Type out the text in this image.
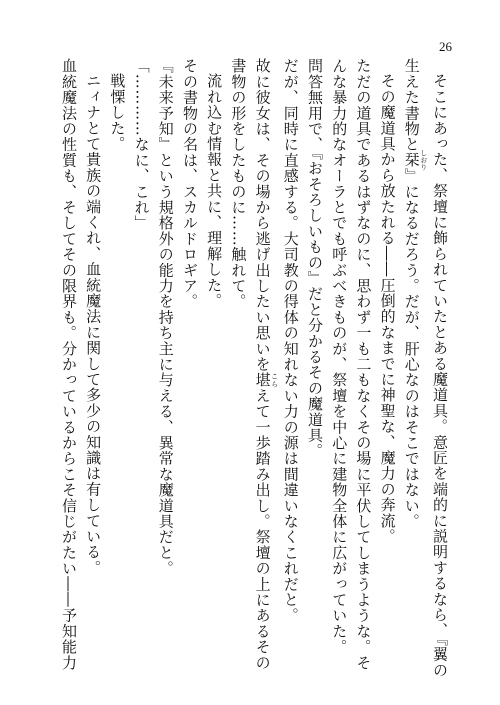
26
そこにあった、祭壇に飾られていたとある魔道具。意匠を端的に説明するなら、『翼の
生えた書物と栞 しおり』になるだろう。だが、肝心なのはそこではない。
その魔道具から放たれる――圧倒的なまでに神聖な、魔力の奔流。
ただの道具であるはずなのに、思わず一も二もなくその場に平伏してしまうような。そ
んな暴力的なオーラとでも呼ぶべきものが、祭壇を中心に建物全体に広がっていた。
問答無用で、『おそろしいもの』だと分かるその魔道具。
だが、同時に直感する。大司教の得体の知れない力の源は間違いなくこれだと。
故に彼女は、その場から逃げ出したい思いを堪 こらえて一歩踏み出し。祭壇の上にあるその
書物の形をしたものに……触れて。
流れ込む情報と共に、理解した。
その書物の名は、スカルドロギア。
『未来予知』という規格外の能力を持ち主に与える、異常な魔道具だと。
「…………なに、これ」
戦慄した。
ニィナとて貴族の端くれ、血統魔法に関して多少の知識は有している。
血統魔法の性質も、そしてその限界も。分かっているからこそ信じがたい――予知能力
